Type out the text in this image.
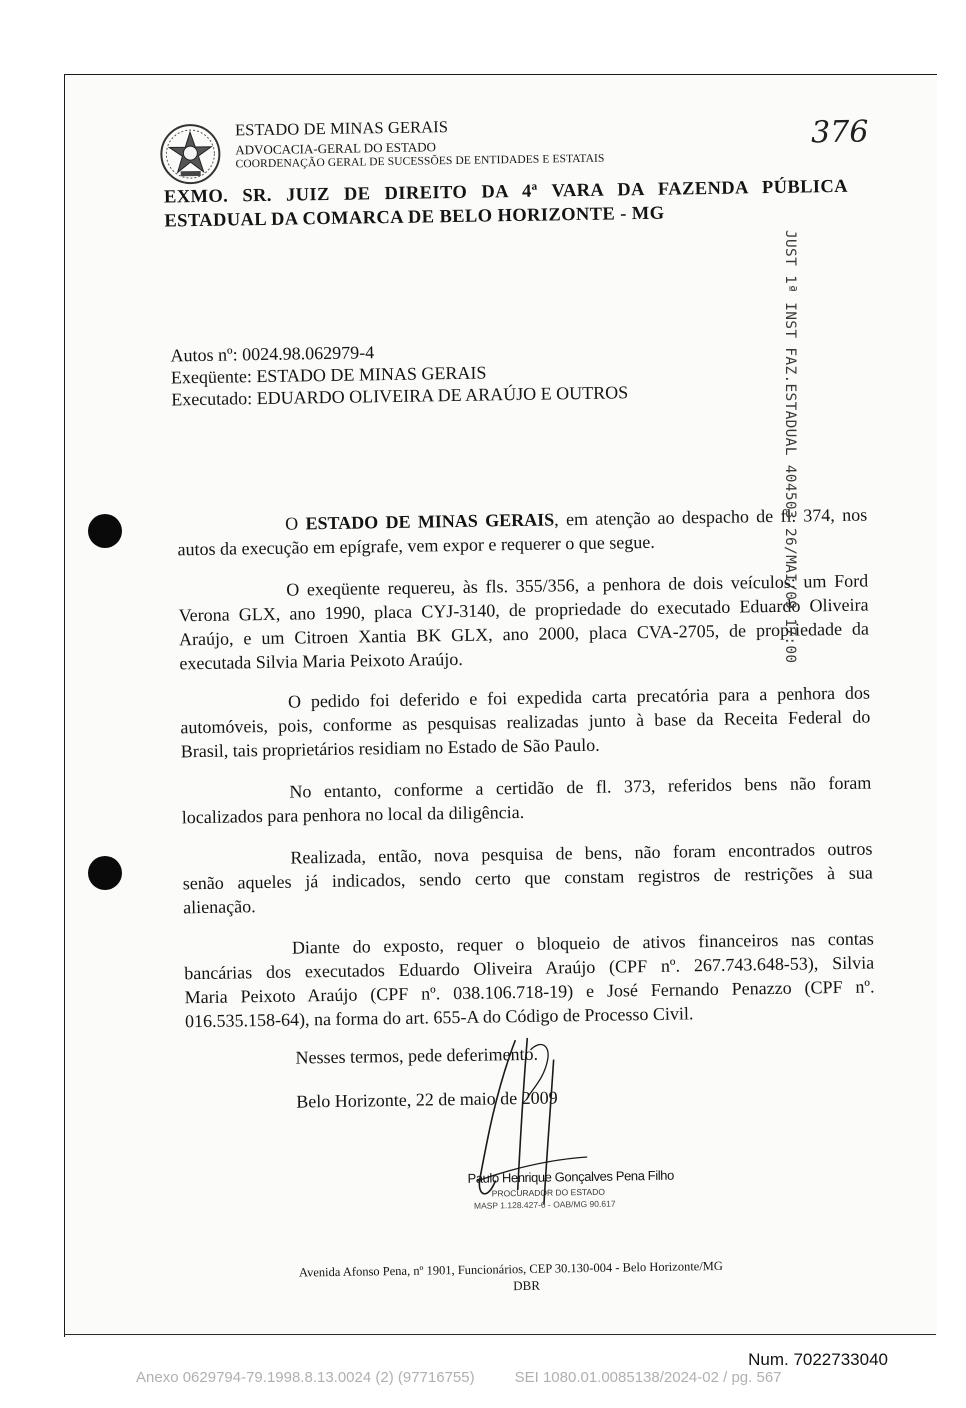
ESTADO DE MINAS GERAIS
ADVOCACIA-GERAL DO ESTADO
COORDENAÇÃO GERAL DE SUCESSÕES DE ENTIDADES E ESTATAIS
376
EXMO. SR. JUIZ DE DIREITO DA 4ª VARA DA FAZENDA PÚBLICA
ESTADUAL DA COMARCA DE BELO HORIZONTE - MG
Autos nº: 0024.98.062979-4
Exeqüente: ESTADO DE MINAS GERAIS
Executado: EDUARDO OLIVEIRA DE ARAÚJO E OUTROS
O ESTADO DE MINAS GERAIS, em atenção ao despacho de fl. 374, nos
autos da execução em epígrafe, vem expor e requerer o que segue.
O exeqüente requereu, às fls. 355/356, a penhora de dois veículos: um Ford
Verona GLX, ano 1990, placa CYJ-3140, de propriedade do executado Eduardo Oliveira
Araújo, e um Citroen Xantia BK GLX, ano 2000, placa CVA-2705, de propriedade da
executada Silvia Maria Peixoto Araújo.
O pedido foi deferido e foi expedida carta precatória para a penhora dos
automóveis, pois, conforme as pesquisas realizadas junto à base da Receita Federal do
Brasil, tais proprietários residiam no Estado de São Paulo.
No entanto, conforme a certidão de fl. 373, referidos bens não foram
localizados para penhora no local da diligência.
Realizada, então, nova pesquisa de bens, não foram encontrados outros
senão aqueles já indicados, sendo certo que constam registros de restrições à sua
alienação.
Diante do exposto, requer o bloqueio de ativos financeiros nas contas
bancárias dos executados Eduardo Oliveira Araújo (CPF nº. 267.743.648-53), Silvia
Maria Peixoto Araújo (CPF nº. 038.106.718-19) e José Fernando Penazzo (CPF nº.
016.535.158-64), na forma do art. 655-A do Código de Processo Civil.
Nesses termos, pede deferimento.
Belo Horizonte, 22 de maio de 2009
Paulo Henrique Gonçalves Pena Filho
PROCURADOR DO ESTADO
MASP 1.128.427-6 - OAB/MG 90.617
Avenida Afonso Pena, nº 1901, Funcionários, CEP 30.130-004 - Belo Horizonte/MG
DBR
JUST 1ª INST FAZ.ESTADUAL 404503 26/MAI/09 17:00
Num. 7022733040
Anexo 0629794-79.1998.8.13.0024 (2) (97716755)	SEI 1080.01.0085138/2024-02 / pg. 567
